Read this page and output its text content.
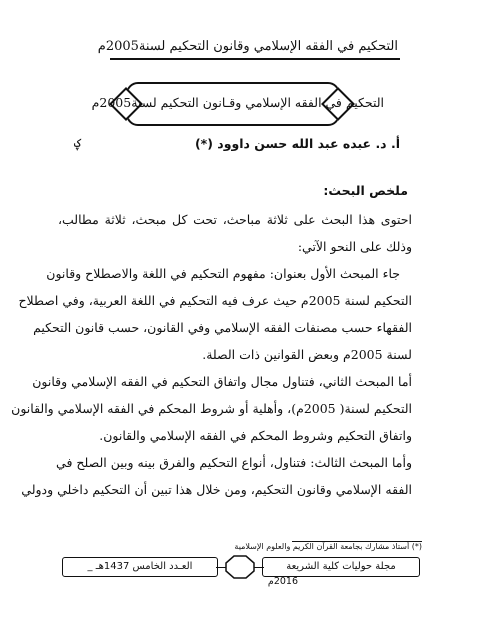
التحكيم في الفقه الإسلامي وقانون التحكيم لسنة2005م
التحكيم في الفقه الإسلامي وقـانون التحكيم لسنة2005م
أ. د. عبده عبد الله حسن داوود (*)
ؼ
ملخص البحث:
احتوى هذا البحث على ثلاثة مباحث، تحت كل مبحث، ثلاثة مطالب،
وذلك على النحو الآتي:
جاء المبحث الأول بعنوان: مفهوم التحكيم في اللغة والاصطلاح وقانون
التحكيم لسنة 2005م حيث عرف فيه التحكيم في اللغة العربية، وفي اصطلاح
الفقهاء حسب مصنفات الفقه الإسلامي وفي القانون، حسب قانون التحكيم
لسنة 2005م وبعض القوانين ذات الصلة.
أما المبحث الثاني، فتناول مجال واتفاق التحكيم في الفقه الإسلامي وقانون
التحكيم لسنة( 2005م)، وأهلية أو شروط المحكم في الفقه الإسلامي والقانون
واتفاق التحكيم وشروط المحكم في الفقه الإسلامي والقانون.
وأما المبحث الثالث: فتناول، أنواع التحكيم والفرق بينه وبين الصلح في
الفقه الإسلامي وقانون التحكيم، ومن خلال هذا تبين أن التحكيم داخلي ودولي
(*) أستاذ مشارك بجامعة القرآن الكريم والعلوم الإسلامية
العـدد الخامس 1437هـ _	مجلة حوليات كلية الشريعة
2016م
